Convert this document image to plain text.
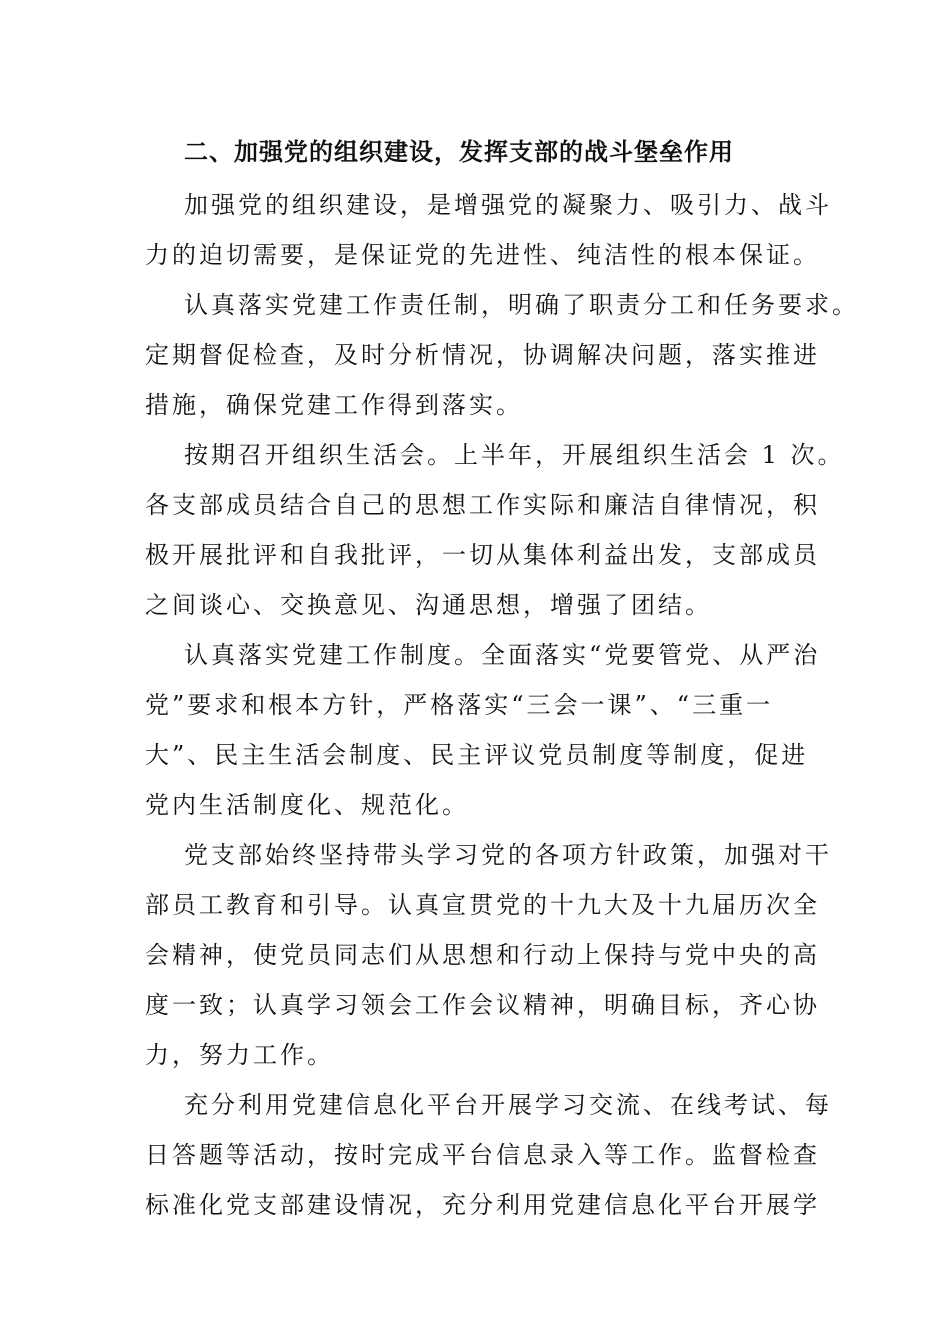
二、加强党的组织建设，发挥支部的战斗堡垒作用
加强党的组织建设，是增强党的凝聚力、吸引力、战斗
力的迫切需要，是保证党的先进性、纯洁性的根本保证。
认真落实党建工作责任制，明确了职责分工和任务要求。
定期督促检查，及时分析情况，协调解决问题，落实推进
措施，确保党建工作得到落实。
按期召开组织生活会。上半年，开展组织生活会 1 次。
各支部成员结合自己的思想工作实际和廉洁自律情况，积
极开展批评和自我批评，一切从集体利益出发，支部成员
之间谈心、交换意见、沟通思想，增强了团结。
认真落实党建工作制度。全面落实“党要管党、从严治
党”要求和根本方针，严格落实“三会一课”、“三重一
大”、民主生活会制度、民主评议党员制度等制度，促进
党内生活制度化、规范化。
党支部始终坚持带头学习党的各项方针政策，加强对干
部员工教育和引导。认真宣贯党的十九大及十九届历次全
会精神，使党员同志们从思想和行动上保持与党中央的高
度一致；认真学习领会工作会议精神，明确目标，齐心协
力，努力工作。
充分利用党建信息化平台开展学习交流、在线考试、每
日答题等活动，按时完成平台信息录入等工作。监督检查
标准化党支部建设情况，充分利用党建信息化平台开展学
